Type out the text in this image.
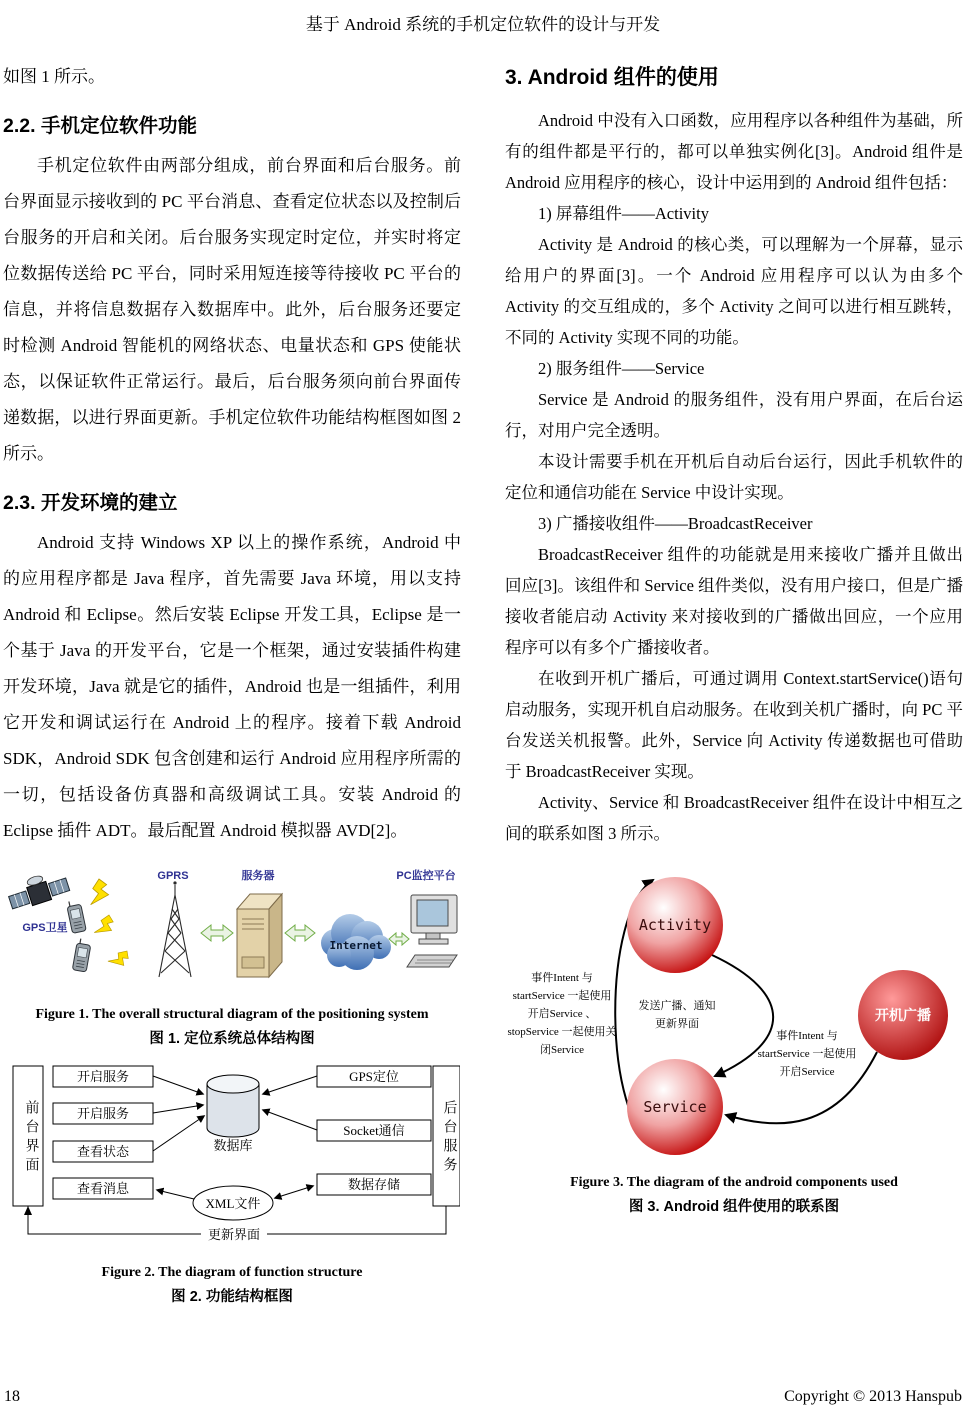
基于 Android 系统的手机定位软件的设计与开发

如图 1 所示。

2.2. 手机定位软件功能

手机定位软件由两部分组成，前台界面和后台服务。前台界面显示接收到的 PC 平台消息、查看定位状态以及控制后台服务的开启和关闭。后台服务实现定时定位，并实时将定位数据传送给 PC 平台，同时采用短连接等待接收 PC 平台的信息，并将信息数据存入数据库中。此外，后台服务还要定时检测 Android 智能机的网络状态、电量状态和 GPS 使能状态，以保证软件正常运行。最后，后台服务须向前台界面传递数据，以进行界面更新。手机定位软件功能结构框图如图 2 所示。

2.3. 开发环境的建立

Android 支持 Windows XP 以上的操作系统，Android 中的应用程序都是 Java 程序，首先需要 Java 环境，用以支持 Android 和 Eclipse。然后安装 Eclipse 开发工具，Eclipse 是一个基于 Java 的开发平台，它是一个框架，通过安装插件构建开发环境，Java 就是它的插件，Android 也是一组插件，利用它开发和调试运行在 Android 上的程序。接着下载 Android SDK，Android SDK 包含创建和运行 Android 应用程序所需的一切，包括设备仿真器和高级调试工具。安装 Android 的 Eclipse 插件 ADT。最后配置 Android 模拟器 AVD[2]。

GPS卫星
GPRS	服务器
Internet
PC监控平台
Figure 1. The overall structural diagram of the positioning system
图 1. 定位系统总体结构图
开启服务
开启服务
查看状态
查看消息
数据库
XML文件
GPS定位
Socket通信
数据存储
更新界面
前台界面	后台服务
Figure 2. The diagram of function structure
图 2. 功能结构框图
3. Android 组件的使用

Android 中没有入口函数，应用程序以各种组件为基础，所有的组件都是平行的，都可以单独实例化[3]。Android 组件是 Android 应用程序的核心，设计中运用到的 Android 组件包括：

1) 屏幕组件——Activity

Activity 是 Android 的核心类，可以理解为一个屏幕，显示给用户的界面[3]。一个 Android 应用程序可以认为由多个 Activity 的交互组成的，多个 Activity 之间可以进行相互跳转，不同的 Activity 实现不同的功能。

2) 服务组件——Service

Service 是 Android 的服务组件，没有用户界面，在后台运行，对用户完全透明。

本设计需要手机在开机后自动后台运行，因此手机软件的定位和通信功能在 Service 中设计实现。

3) 广播接收组件——BroadcastReceiver

BroadcastReceiver 组件的功能就是用来接收广播并且做出回应[3]。该组件和 Service 组件类似，没有用户接口，但是广播接收者能启动 Activity 来对接收到的广播做出回应，一个应用程序可以有多个广播接收者。

在收到开机广播后，可通过调用 Context.startService()语句启动服务，实现开机自启动服务。在收到关机广播时，向 PC 平台发送关机报警。此外，Service 向 Activity 传递数据也可借助于 BroadcastReceiver 实现。

Activity、Service 和 BroadcastReceiver 组件在设计中相互之间的联系如图 3 所示。

Activity
Service
开机广播
事件Intent 与
startService 一起使用
开启Service 、
stopService 一起使用关
闭Service
发送广播、通知
更新界面
事件Intent 与
startService 一起使用
开启Service
Figure 3. The diagram of the android components used
图 3. Android 组件使用的联系图
18	Copyright © 2013 Hanspub
